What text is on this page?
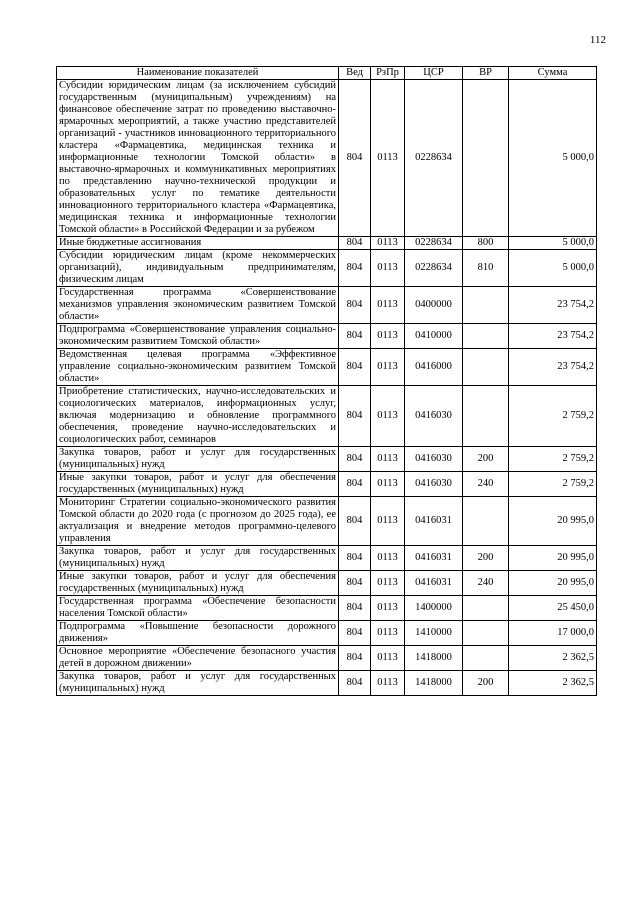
112
Наименование показателей	Вед	РзПр	ЦСР	ВР	Сумма
Субсидии юридическим лицам (за исключением субсидий государственным (муниципальным) учреждениям) на финансовое обеспечение затрат по проведению выставочно-ярмарочных мероприятий, а также участию представителей организаций - участников инновационного территориального кластера «Фармацевтика, медицинская техника и информационные технологии Томской области» в выставочно-ярмарочных и коммуникативных мероприятиях по представлению научно-технической продукции и образовательных услуг по тематике деятельности инновационного территориального кластера «Фармацевтика, медицинская техника и информационные технологии Томской области» в Российской Федерации и за рубежом	804	0113	0228634		5 000,0
Иные бюджетные ассигнования	804	0113	0228634	800	5 000,0
Субсидии юридическим лицам (кроме некоммерческих организаций), индивидуальным предпринимателям, физическим лицам	804	0113	0228634	810	5 000,0
Государственная программа «Совершенствование механизмов управления экономическим развитием Томской области»	804	0113	0400000		23 754,2
Подпрограмма «Совершенствование управления социально-экономическим развитием Томской области»	804	0113	0410000		23 754,2
Ведомственная целевая программа «Эффективное управление социально-экономическим развитием Томской области»	804	0113	0416000		23 754,2
Приобретение статистических, научно-исследовательских и социологических материалов, информационных услуг, включая модернизацию и обновление программного обеспечения, проведение научно-исследовательских и социологических работ, семинаров	804	0113	0416030		2 759,2
Закупка товаров, работ и услуг для государственных (муниципальных) нужд	804	0113	0416030	200	2 759,2
Иные закупки товаров, работ и услуг для обеспечения государственных (муниципальных) нужд	804	0113	0416030	240	2 759,2
Мониторинг Стратегии социально-экономического развития Томской области до 2020 года (с прогнозом до 2025 года), ее актуализация и внедрение методов программно-целевого управления	804	0113	0416031		20 995,0
Закупка товаров, работ и услуг для государственных (муниципальных) нужд	804	0113	0416031	200	20 995,0
Иные закупки товаров, работ и услуг для обеспечения государственных (муниципальных) нужд	804	0113	0416031	240	20 995,0
Государственная программа «Обеспечение безопасности населения Томской области»	804	0113	1400000		25 450,0
Подпрограмма «Повышение безопасности дорожного движения»	804	0113	1410000		17 000,0
Основное мероприятие «Обеспечение безопасного участия детей в дорожном движении»	804	0113	1418000		2 362,5
Закупка товаров, работ и услуг для государственных (муниципальных) нужд	804	0113	1418000	200	2 362,5
